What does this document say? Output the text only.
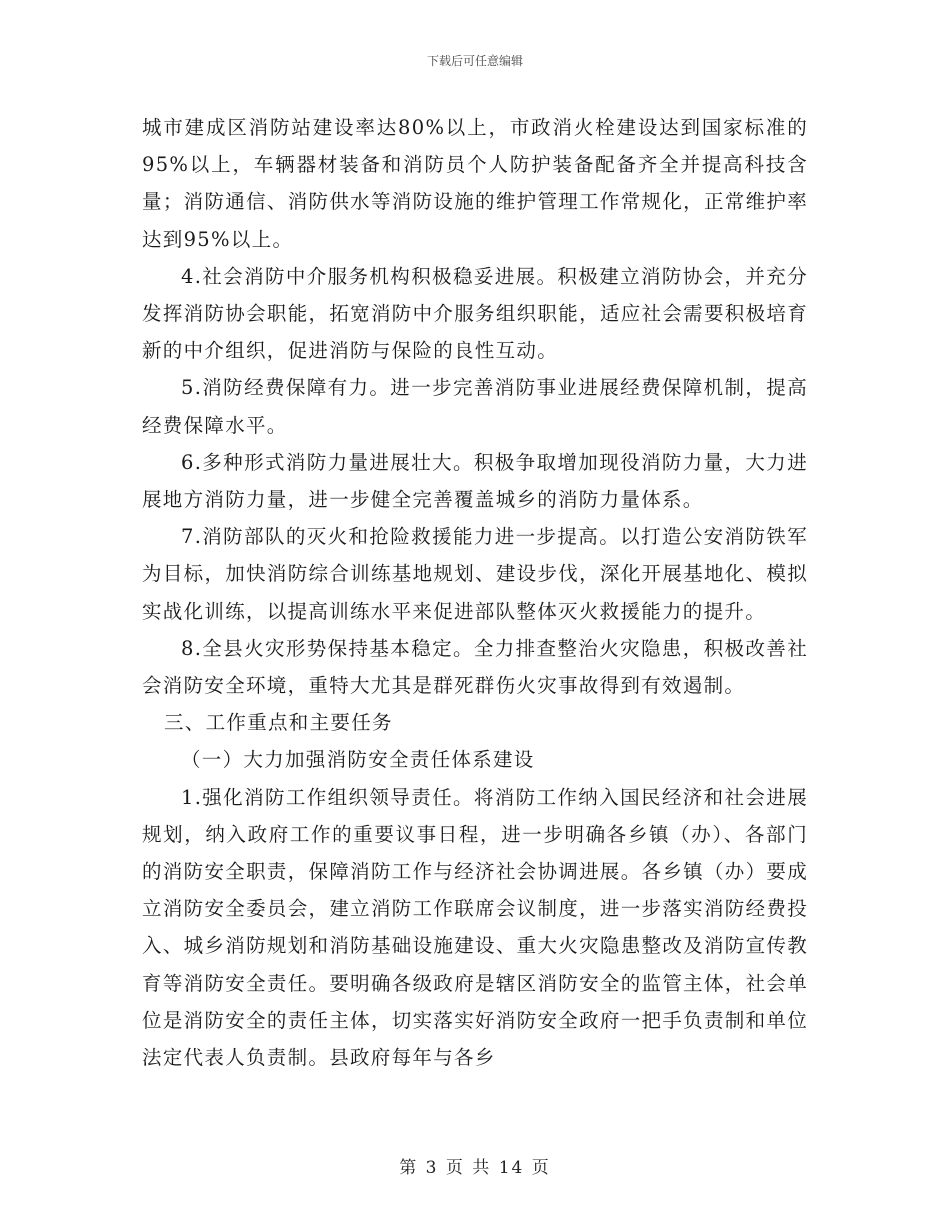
下载后可任意编辑

城市建成区消防站建设率达80%以上，市政消火栓建设达到国家标准的95%以上，车辆器材装备和消防员个人防护装备配备齐全并提高科技含量；消防通信、消防供水等消防设施的维护管理工作常规化，正常维护率达到95%以上。

4.社会消防中介服务机构积极稳妥进展。积极建立消防协会，并充分发挥消防协会职能，拓宽消防中介服务组织职能，适应社会需要积极培育新的中介组织，促进消防与保险的良性互动。

5.消防经费保障有力。进一步完善消防事业进展经费保障机制，提高经费保障水平。

6.多种形式消防力量进展壮大。积极争取增加现役消防力量，大力进展地方消防力量，进一步健全完善覆盖城乡的消防力量体系。

7.消防部队的灭火和抢险救援能力进一步提高。以打造公安消防铁军为目标，加快消防综合训练基地规划、建设步伐，深化开展基地化、模拟实战化训练，以提高训练水平来促进部队整体灭火救援能力的提升。

8.全县火灾形势保持基本稳定。全力排查整治火灾隐患，积极改善社会消防安全环境，重特大尤其是群死群伤火灾事故得到有效遏制。

三、工作重点和主要任务

（一）大力加强消防安全责任体系建设

1.强化消防工作组织领导责任。将消防工作纳入国民经济和社会进展规划，纳入政府工作的重要议事日程，进一步明确各乡镇（办）、各部门的消防安全职责，保障消防工作与经济社会协调进展。各乡镇（办）要成立消防安全委员会，建立消防工作联席会议制度，进一步落实消防经费投入、城乡消防规划和消防基础设施建设、重大火灾隐患整改及消防宣传教育等消防安全责任。要明确各级政府是辖区消防安全的监管主体，社会单位是消防安全的责任主体，切实落实好消防安全政府一把手负责制和单位法定代表人负责制。县政府每年与各乡

第 3 页 共 14 页
